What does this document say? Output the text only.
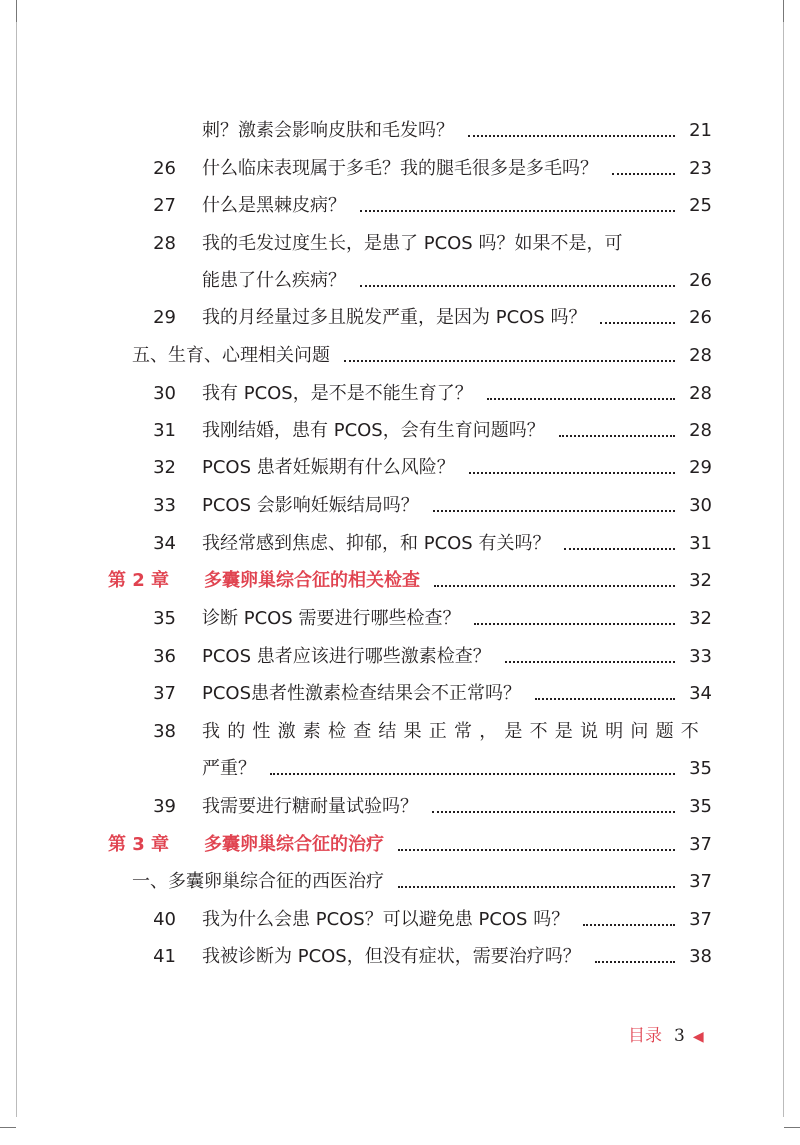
刺？激素会影响皮肤和毛发吗？	21
26 什么临床表现属于多毛？我的腿毛很多是多毛吗？	23
27 什么是黑棘皮病？	25
28 我的毛发过度生长，是患了 PCOS 吗？如果不是，可
能患了什么疾病？	26
29 我的月经量过多且脱发严重，是因为 PCOS 吗？	26
五、生育、心理相关问题	28
30 我有 PCOS，是不是不能生育了？	28
31 我刚结婚，患有 PCOS，会有生育问题吗？	28
32 PCOS 患者妊娠期有什么风险？	29
33 PCOS 会影响妊娠结局吗？	30
34 我经常感到焦虑、抑郁，和 PCOS 有关吗？	31
第 2 章 多囊卵巢综合征的相关检查	32
35 诊断 PCOS 需要进行哪些检查？	32
36 PCOS 患者应该进行哪些激素检查？	33
37 PCOS患者性激素检查结果会不正常吗？	34
38 我的性激素检查结果正常，是不是说明问题不
严重？	35
39 我需要进行糖耐量试验吗？	35
第 3 章 多囊卵巢综合征的治疗	37
一、多囊卵巢综合征的西医治疗	37
40 我为什么会患 PCOS？可以避免患 PCOS 吗？	37
41 我被诊断为 PCOS，但没有症状，需要治疗吗？	38
目录 3 ◀
